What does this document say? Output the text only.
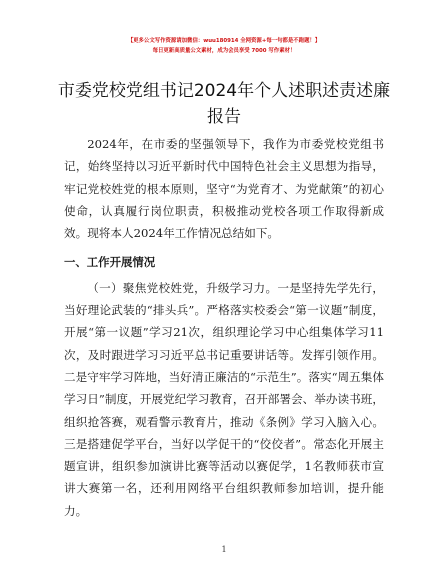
【更多公文写作资源请加微信：wuu180914 全网资源+每一句都是不跑题！】
每日更新高质量公文素材，成为会员享受 7000 写作素材！
市委党校党组书记2024年个人述职述责述廉报告

2024年，在市委的坚强领导下，我作为市委党校党组书记，始终坚持以习近平新时代中国特色社会主义思想为指导，牢记党校姓党的根本原则，坚守“为党育才、为党献策”的初心使命，认真履行岗位职责，积极推动党校各项工作取得新成效。现将本人2024年工作情况总结如下。

一、工作开展情况

（一）聚焦党校姓党，升级学习力。一是坚持先学先行，当好理论武装的“排头兵”。严格落实校委会“第一议题”制度，开展“第一议题”学习21次，组织理论学习中心组集体学习11次，及时跟进学习习近平总书记重要讲话等。发挥引领作用。二是守牢学习阵地，当好清正廉洁的“示范生”。落实“周五集体学习日”制度，开展党纪学习教育，召开部署会、举办读书班，组织抢答赛，观看警示教育片，推动《条例》学习入脑入心。三是搭建促学平台，当好以学促干的“佼佼者”。常态化开展主题宣讲，组织参加演讲比赛等活动以赛促学，1名教师获市宣讲大赛第一名，还利用网络平台组织教师参加培训，提升能力。

1
